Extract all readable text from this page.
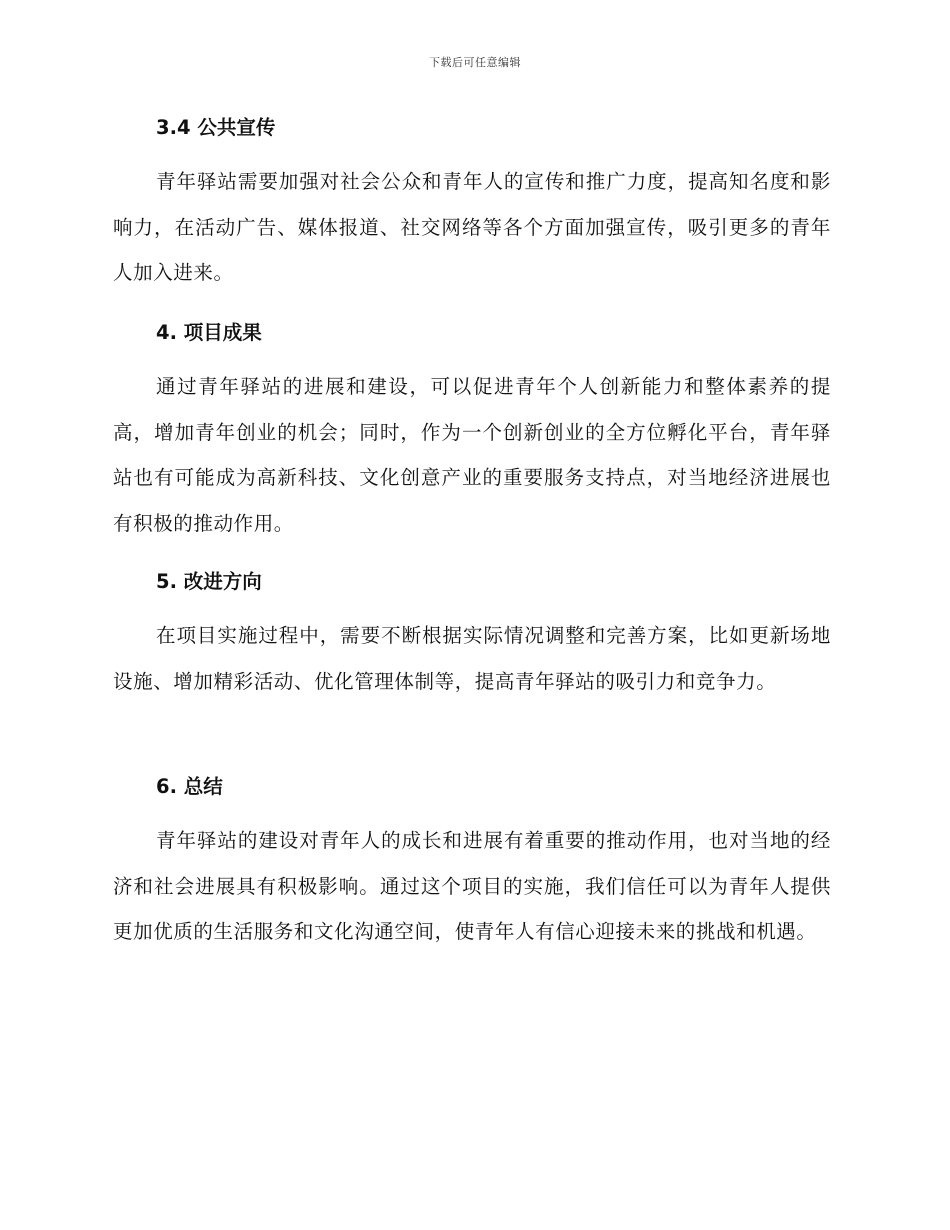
下载后可任意编辑
3.4 公共宣传

青年驿站需要加强对社会公众和青年人的宣传和推广力度，提高知名度和影响力，在活动广告、媒体报道、社交网络等各个方面加强宣传，吸引更多的青年人加入进来。

4. 项目成果

通过青年驿站的进展和建设，可以促进青年个人创新能力和整体素养的提高，增加青年创业的机会；同时，作为一个创新创业的全方位孵化平台，青年驿站也有可能成为高新科技、文化创意产业的重要服务支持点，对当地经济进展也有积极的推动作用。

5. 改进方向

在项目实施过程中，需要不断根据实际情况调整和完善方案，比如更新场地设施、增加精彩活动、优化管理体制等，提高青年驿站的吸引力和竞争力。

6. 总结

青年驿站的建设对青年人的成长和进展有着重要的推动作用，也对当地的经济和社会进展具有积极影响。通过这个项目的实施，我们信任可以为青年人提供更加优质的生活服务和文化沟通空间，使青年人有信心迎接未来的挑战和机遇。
